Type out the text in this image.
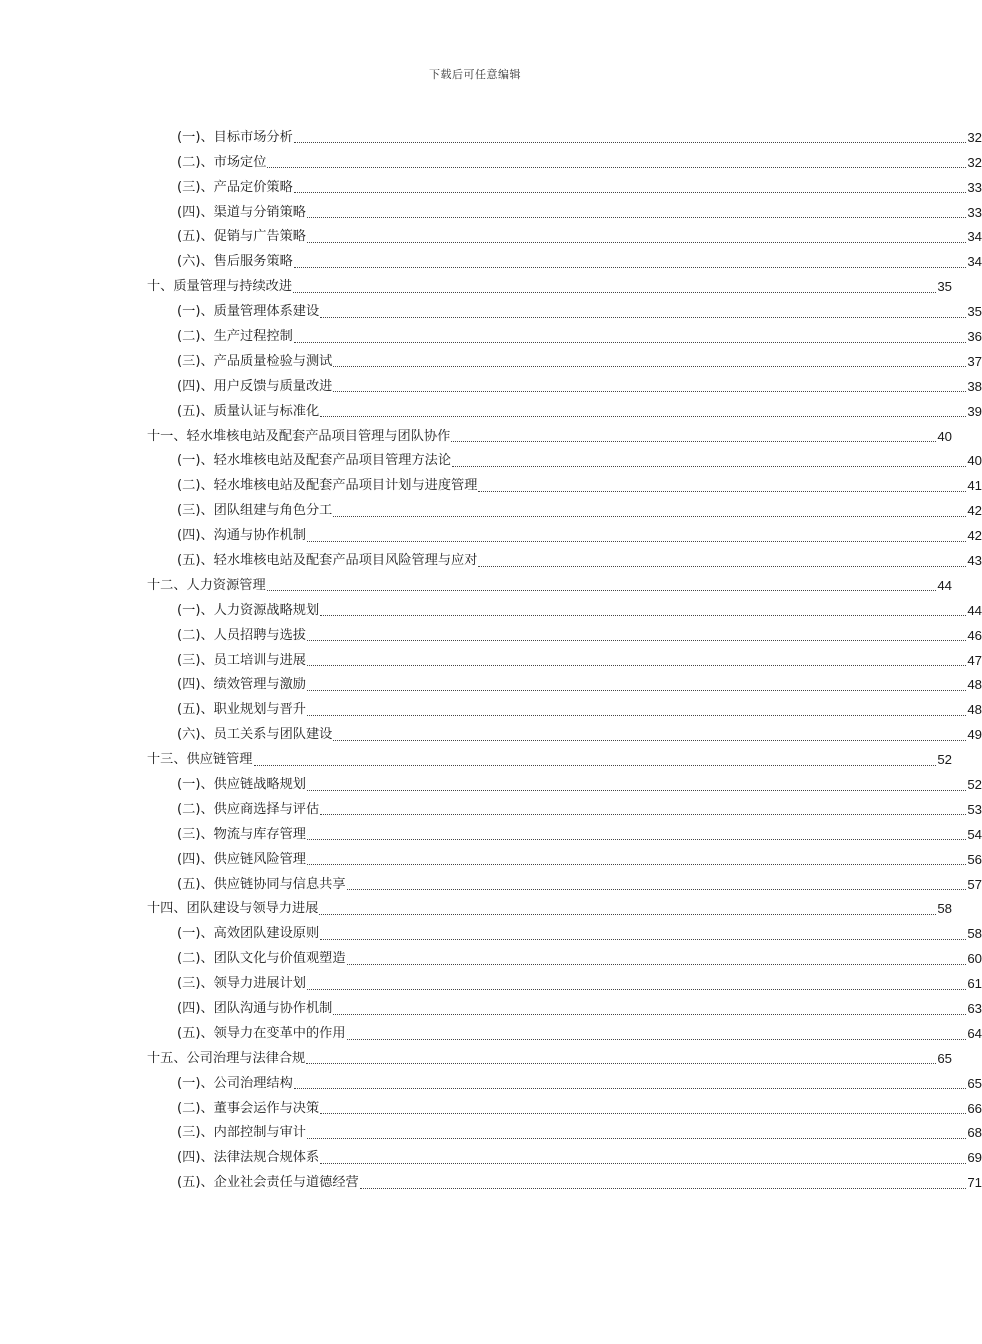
下载后可任意编辑
(一)、目标市场分析	32
(二)、市场定位	32
(三)、产品定价策略	33
(四)、渠道与分销策略	33
(五)、促销与广告策略	34
(六)、售后服务策略	34
十、质量管理与持续改进	35
(一)、质量管理体系建设	35
(二)、生产过程控制	36
(三)、产品质量检验与测试	37
(四)、用户反馈与质量改进	38
(五)、质量认证与标准化	39
十一、轻水堆核电站及配套产品项目管理与团队协作	40
(一)、轻水堆核电站及配套产品项目管理方法论	40
(二)、轻水堆核电站及配套产品项目计划与进度管理	41
(三)、团队组建与角色分工	42
(四)、沟通与协作机制	42
(五)、轻水堆核电站及配套产品项目风险管理与应对	43
十二、人力资源管理	44
(一)、人力资源战略规划	44
(二)、人员招聘与选拔	46
(三)、员工培训与进展	47
(四)、绩效管理与激励	48
(五)、职业规划与晋升	48
(六)、员工关系与团队建设	49
十三、供应链管理	52
(一)、供应链战略规划	52
(二)、供应商选择与评估	53
(三)、物流与库存管理	54
(四)、供应链风险管理	56
(五)、供应链协同与信息共享	57
十四、团队建设与领导力进展	58
(一)、高效团队建设原则	58
(二)、团队文化与价值观塑造	60
(三)、领导力进展计划	61
(四)、团队沟通与协作机制	63
(五)、领导力在变革中的作用	64
十五、公司治理与法律合规	65
(一)、公司治理结构	65
(二)、董事会运作与决策	66
(三)、内部控制与审计	68
(四)、法律法规合规体系	69
(五)、企业社会责任与道德经营	71
